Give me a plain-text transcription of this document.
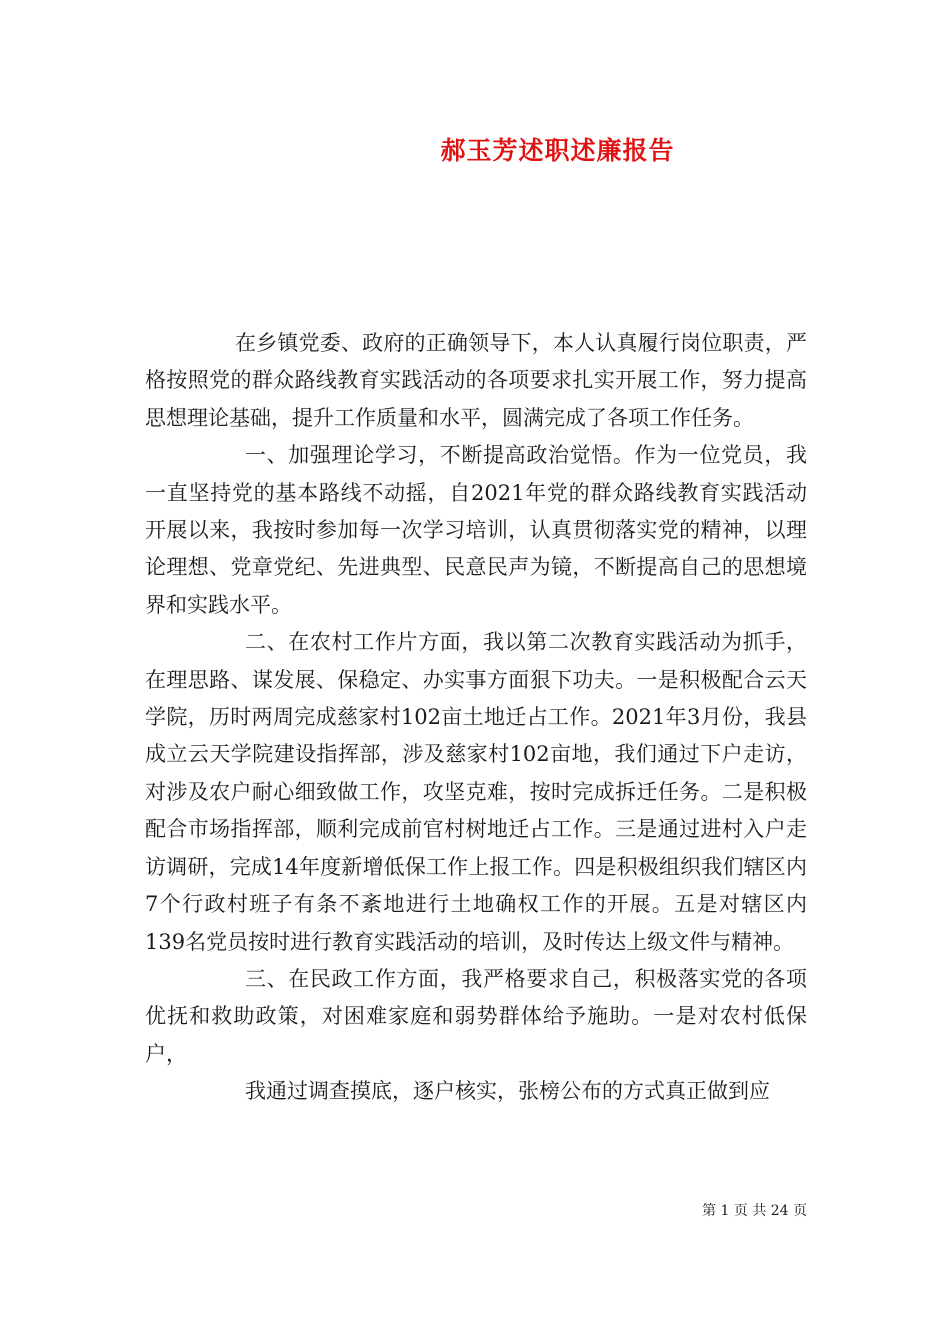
郝玉芳述职述廉报告

在乡镇党委、政府的正确领导下，本人认真履行岗位职责，严格按照党的群众路线教育实践活动的各项要求扎实开展工作，努力提高思想理论基础，提升工作质量和水平，圆满完成了各项工作任务。

一、加强理论学习，不断提高政治觉悟。作为一位党员，我一直坚持党的基本路线不动摇，自2021年党的群众路线教育实践活动开展以来，我按时参加每一次学习培训，认真贯彻落实党的精神，以理论理想、党章党纪、先进典型、民意民声为镜，不断提高自己的思想境界和实践水平。

二、在农村工作片方面，我以第二次教育实践活动为抓手，在理思路、谋发展、保稳定、办实事方面狠下功夫。一是积极配合云天学院，历时两周完成慈家村102亩土地迁占工作。2021年3月份，我县成立云天学院建设指挥部，涉及慈家村102亩地，我们通过下户走访，对涉及农户耐心细致做工作，攻坚克难，按时完成拆迁任务。二是积极配合市场指挥部，顺利完成前官村树地迁占工作。三是通过进村入户走访调研，完成14年度新增低保工作上报工作。四是积极组织我们辖区内7个行政村班子有条不紊地进行土地确权工作的开展。五是对辖区内139名党员按时进行教育实践活动的培训，及时传达上级文件与精神。

三、在民政工作方面，我严格要求自己，积极落实党的各项优抚和救助政策，对困难家庭和弱势群体给予施助。一是对农村低保户，

我通过调查摸底，逐户核实，张榜公布的方式真正做到应

第 1 页 共 24 页
